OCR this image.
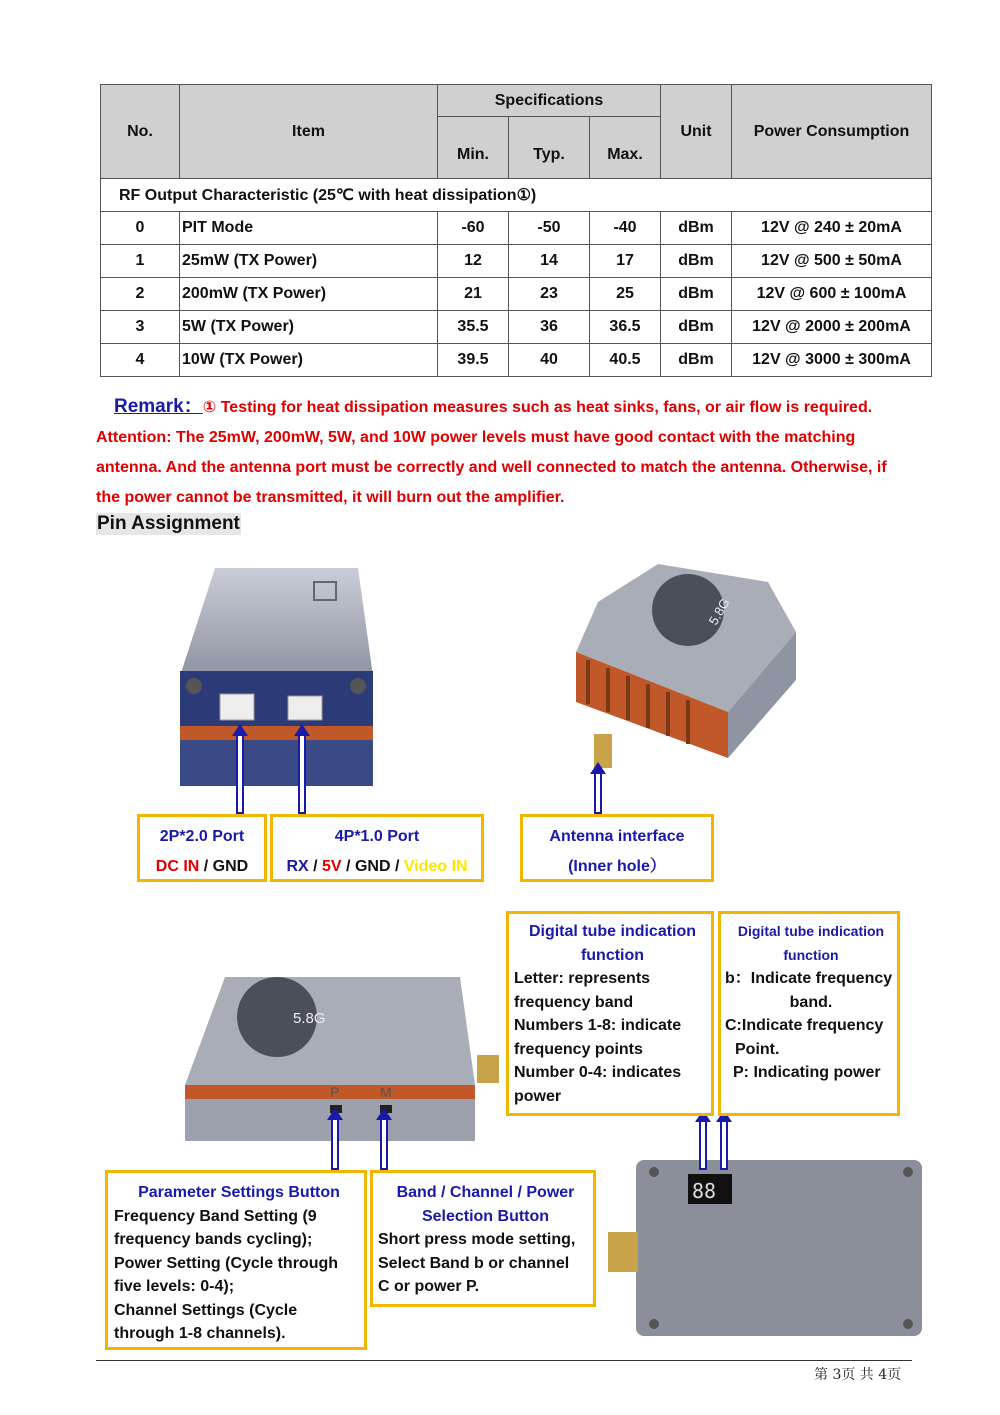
No.	Item	Specifications			Unit	Power Consumption
		Min.	Typ.	Max.		
RF Output Characteristic (25℃ with heat dissipation①)						
0	PIT Mode	-60	-50	-40	dBm	12V @ 240 ± 20mA
1	25mW (TX Power)	12	14	17	dBm	12V @ 500 ± 50mA
2	200mW (TX Power)	21	23	25	dBm	12V @ 600 ± 100mA
3	5W (TX Power)	35.5	36	36.5	dBm	12V @ 2000 ± 200mA
4	10W (TX Power)	39.5	40	40.5	dBm	12V @ 3000 ± 300mA
Remark：① Testing for heat dissipation measures such as heat sinks, fans, or air flow is required.
Attention: The 25mW, 200mW, 5W, and 10W power levels must have good contact with the matching
antenna. And the antenna port must be correctly and well connected to match the antenna. Otherwise, if
the power cannot be transmitted, it will burn out the amplifier.
Pin Assignment
5.8G
5.8G
P	M
88
2P*2.0 Port
DC IN / GND
4P*1.0 Port
RX / 5V / GND / Video IN
Antenna interface
(Inner hole）
Digital tube indication
function
Letter: represents
frequency band
Numbers 1-8: indicate
frequency points
Number 0-4: indicates
power
Digital tube indication
function
b：Indicate frequency
band.
C:Indicate frequency
Point.
P: Indicating power
Parameter Settings Button
Frequency Band Setting (9
frequency bands cycling);
Power Setting (Cycle through
five levels: 0-4);
Channel Settings (Cycle
through 1-8 channels).
Band / Channel / Power
Selection Button
Short press mode setting,
Select Band b or channel
C or power P.
第 3页 共 4页
